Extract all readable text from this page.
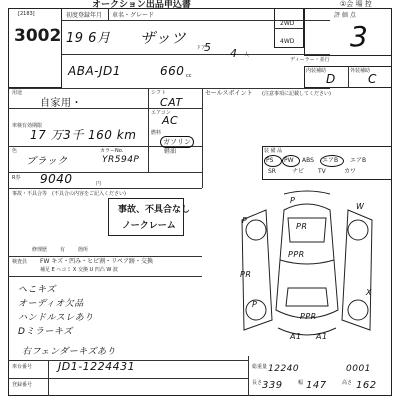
オークション出品申込書	①会 場 控
[2183]
3002
初度登録年月 車名・グレード
19 6月 ザッツ
ドア
5 4 人
ABA-JD1	660 cc
2WD
4WD
評 価 点
3
ディーラー・並行
内装補助	外装補助
D	C
用途
自家用・
シフト
CAT
エアコン
AC
車検有効期限
17 万3千 160 km	燃料
ガソリン
軽油
色
ブラック
カラーNo.
YR594P
R券 9040	円
セールスポイント (注意事項に記載してください)
装 備 品
PS PW ABS エアB エアB
SR	ナビ TV	カワ
事故・不具合等 (不具合の内容をご記入ください)
事故、不具合なし
ノークレーム
修理歴	有	箇所
検査員 FW キズ・凹み・ヒビ割・リペア跡・交換
補足 E ヘコミ X 交換 U 凹凸 W 波
へこキズ
オーディオ欠品
ハンドルスレあり
Dミラーキズ
右フェンダーキズあり
車台番号 JD1-1224431
登録番号
総重量 12240	0001
長さ 339	幅 147	高さ 162
P
PR
P
W
PPR
PR
X
P
PPR
A1 A1
